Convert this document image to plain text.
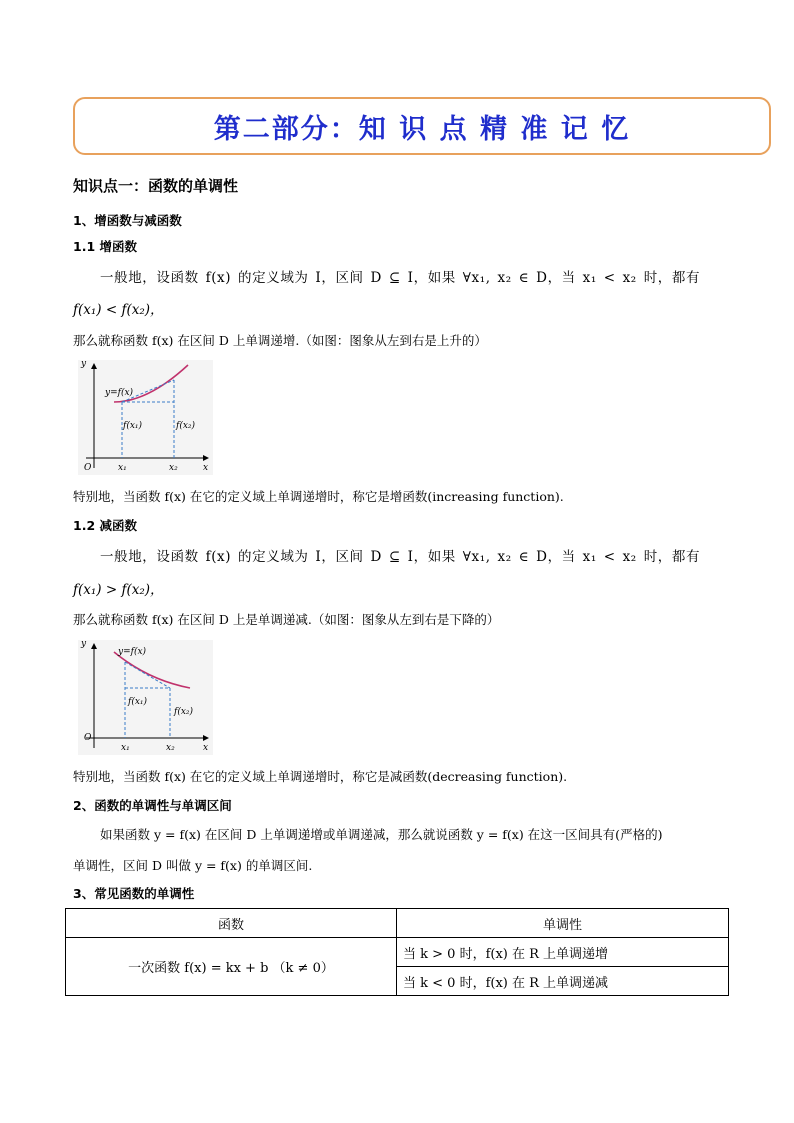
第二部分：知 识 点 精 准 记 忆
知识点一：函数的单调性
1、增函数与减函数
1.1 增函数
一般地，设函数 f(x) 的定义域为 I，区间 D ⊆ I，如果 ∀x₁, x₂ ∈ D，当 x₁ < x₂ 时，都有
f(x₁) < f(x₂)，
那么就称函数 f(x) 在区间 D 上单调递增.（如图：图象从左到右是上升的）
y
y=f(x)
f(x₁)	f(x₂)
O	x₁	x₂	x
特别地，当函数 f(x) 在它的定义域上单调递增时，称它是增函数(increasing function).
1.2 减函数
一般地，设函数 f(x) 的定义域为 I，区间 D ⊆ I，如果 ∀x₁, x₂ ∈ D，当 x₁ < x₂ 时，都有
f(x₁) > f(x₂)，
那么就称函数 f(x) 在区间 D 上是单调递减.（如图：图象从左到右是下降的）
y
y=f(x)
f(x₁)
f(x₂)
O
x₁	x₂	x
特别地，当函数 f(x) 在它的定义域上单调递增时，称它是减函数(decreasing function).
2、函数的单调性与单调区间
如果函数 y = f(x) 在区间 D 上单调递增或单调递减，那么就说函数 y = f(x) 在这一区间具有(严格的)
单调性，区间 D 叫做 y = f(x) 的单调区间.
3、常见函数的单调性
函数	单调性
一次函数 f(x) = kx + b （k ≠ 0）	当 k > 0 时，f(x) 在 R 上单调递增
	当 k < 0 时，f(x) 在 R 上单调递减
